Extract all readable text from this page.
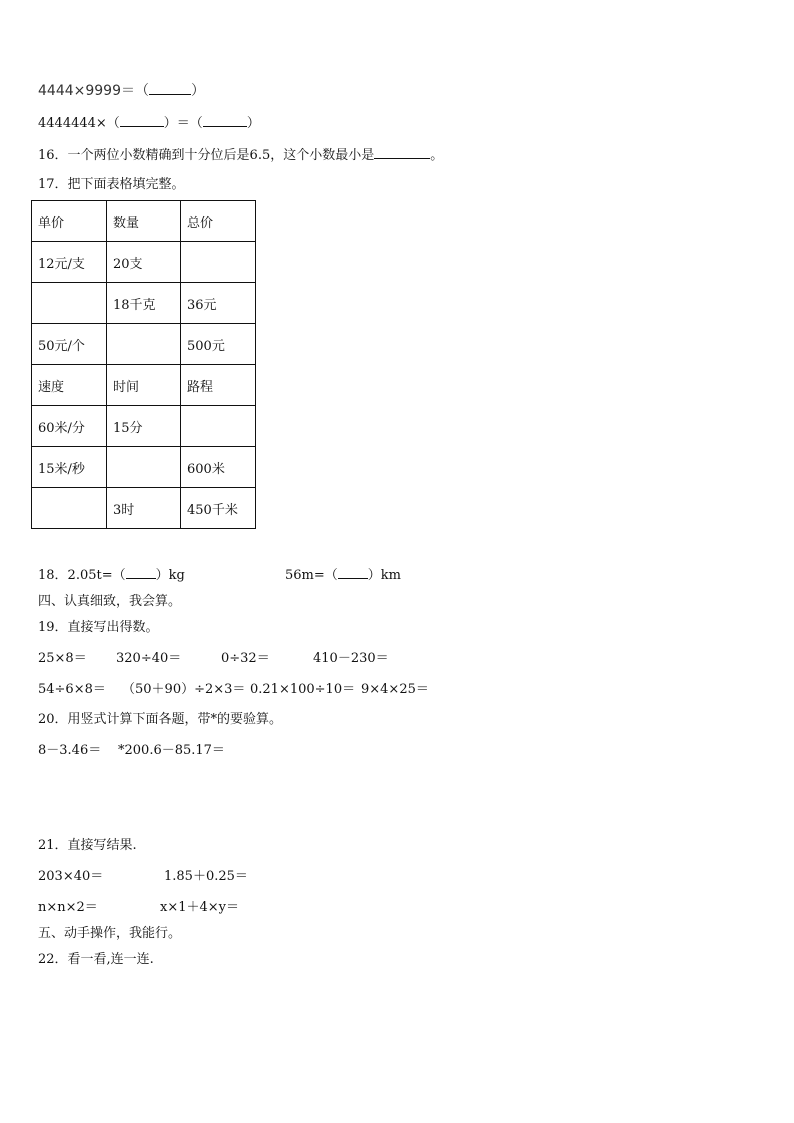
4444×9999＝（	）
4444444×（	）＝（	）
16．一个两位小数精确到十分位后是6.5，这个小数最小是	。
17．把下面表格填完整。
单价	数量	总价
12元/支	20支	
	18千克	36元
50元/个		500元
速度	时间	路程
60米/分	15分	
15米/秒		600米
	3时	450千米
18．2.05t=（ ）kg	56m=（ ）km
四、认真细致，我会算。
19．直接写出得数。
25×8＝ 320÷40＝	0÷32＝	410－230＝
54÷6×8＝ （50＋90）÷2×3＝ 0.21×100÷10＝ 9×4×25＝
20．用竖式计算下面各题，带*的要验算。
8－3.46＝ *200.6－85.17＝
21．直接写结果.
203×40＝	1.85＋0.25＝
n×n×2＝	x×1＋4×y＝
五、动手操作，我能行。
22．看一看,连一连.
